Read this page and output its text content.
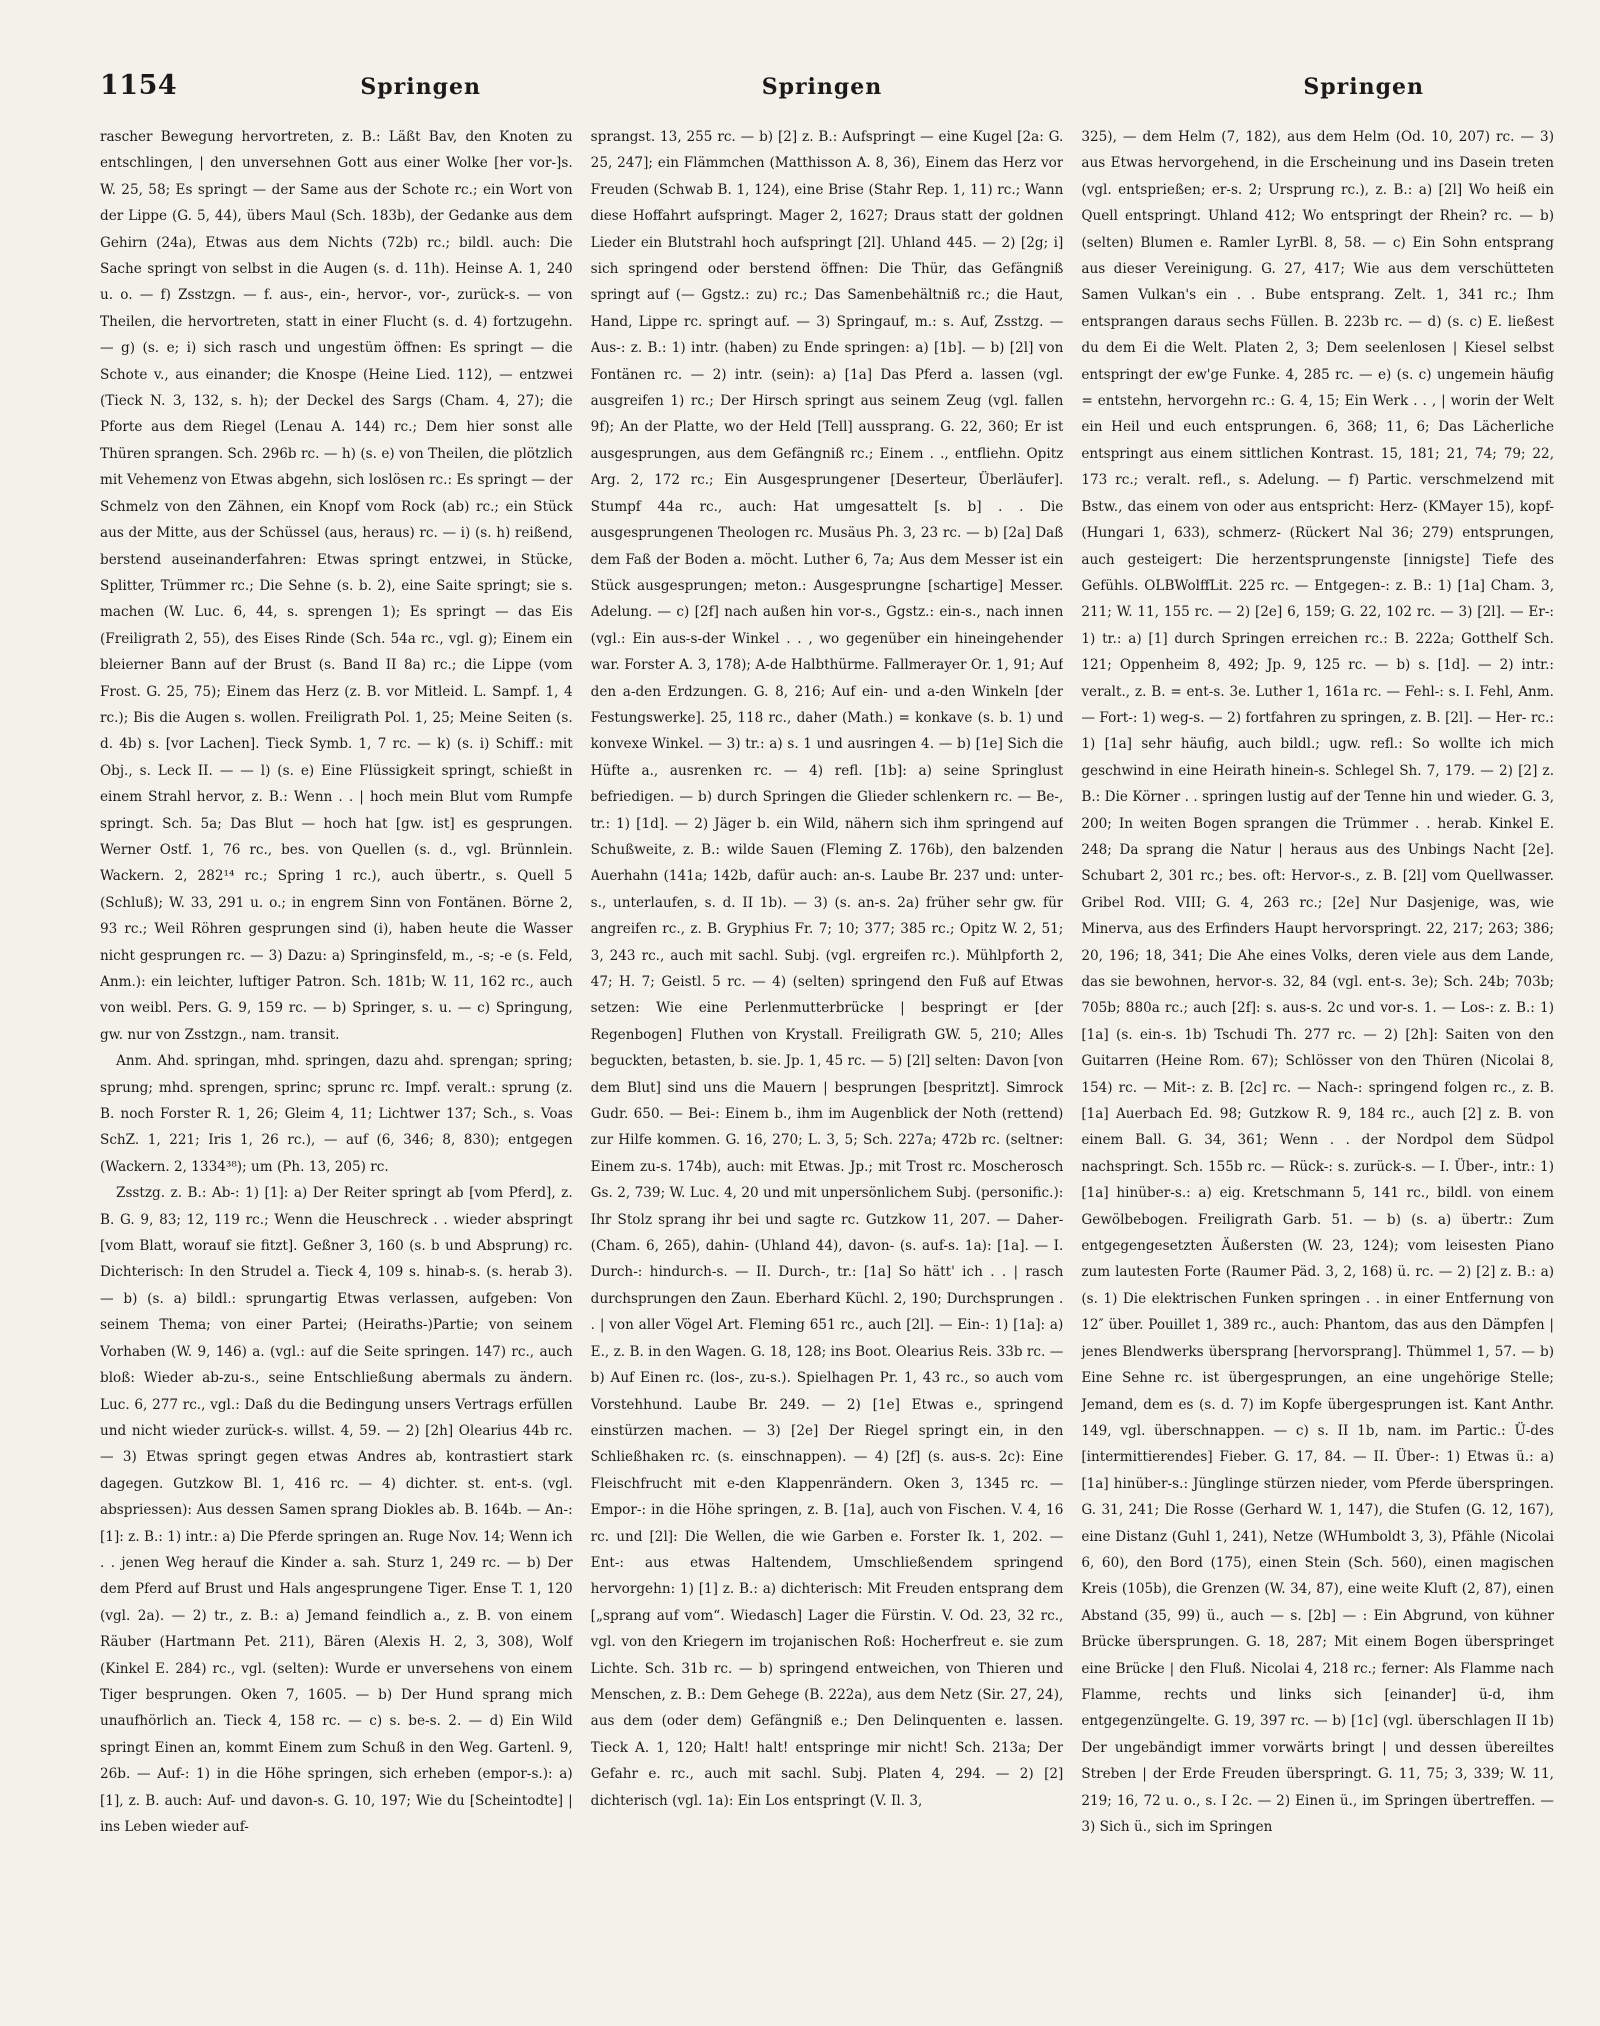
1154	Springen	Springen	Springen

rascher Bewegung hervortreten, z. B.: Läßt Bav, den Knoten zu entschlingen, | den unversehnen Gott aus einer Wolke [her vor-]s. W. 25, 58; Es springt — der Same aus der Schote rc.; ein Wort von der Lippe (G. 5, 44), übers Maul (Sch. 183b), der Gedanke aus dem Gehirn (24a), Etwas aus dem Nichts (72b) rc.; bildl. auch: Die Sache springt von selbst in die Augen (s. d. 11h). Heinse A. 1, 240 u. o. — f) Zsstzgn. — f. aus-, ein-, hervor-, vor-, zurück-s. — von Theilen, die hervortreten, statt in einer Flucht (s. d. 4) fortzugehn. — g) (s. e; i) sich rasch und ungestüm öffnen: Es springt — die Schote v., aus einander; die Knospe (Heine Lied. 112), — entzwei (Tieck N. 3, 132, s. h); der Deckel des Sargs (Cham. 4, 27); die Pforte aus dem Riegel (Lenau A. 144) rc.; Dem hier sonst alle Thüren sprangen. Sch. 296b rc. — h) (s. e) von Theilen, die plötzlich mit Vehemenz von Etwas abgehn, sich loslösen rc.: Es springt — der Schmelz von den Zähnen, ein Knopf vom Rock (ab) rc.; ein Stück aus der Mitte, aus der Schüssel (aus, heraus) rc. — i) (s. h) reißend, berstend auseinanderfahren: Etwas springt entzwei, in Stücke, Splitter, Trümmer rc.; Die Sehne (s. b. 2), eine Saite springt; sie s. machen (W. Luc. 6, 44, s. sprengen 1); Es springt — das Eis (Freiligrath 2, 55), des Eises Rinde (Sch. 54a rc., vgl. g); Einem ein bleierner Bann auf der Brust (s. Band II 8a) rc.; die Lippe (vom Frost. G. 25, 75); Einem das Herz (z. B. vor Mitleid. L. Sampf. 1, 4 rc.); Bis die Augen s. wollen. Freiligrath Pol. 1, 25; Meine Seiten (s. d. 4b) s. [vor Lachen]. Tieck Symb. 1, 7 rc. — k) (s. i) Schiff.: mit Obj., s. Leck II. — — l) (s. e) Eine Flüssigkeit springt, schießt in einem Strahl hervor, z. B.: Wenn . . | hoch mein Blut vom Rumpfe springt. Sch. 5a; Das Blut — hoch hat [gw. ist] es gesprungen. Werner Ostf. 1, 76 rc., bes. von Quellen (s. d., vgl. Brünnlein. Wackern. 2, 282¹⁴ rc.; Spring 1 rc.), auch übertr., s. Quell 5 (Schluß); W. 33, 291 u. o.; in engrem Sinn von Fontänen. Börne 2, 93 rc.; Weil Röhren gesprungen sind (i), haben heute die Wasser nicht gesprungen rc. — 3) Dazu: a) Springinsfeld, m., -s; -e (s. Feld, Anm.): ein leichter, luftiger Patron. Sch. 181b; W. 11, 162 rc., auch von weibl. Pers. G. 9, 159 rc. — b) Springer, s. u. — c) Springung, gw. nur von Zsstzgn., nam. transit.

Anm. Ahd. springan, mhd. springen, dazu ahd. sprengan; spring; sprung; mhd. sprengen, sprinc; sprunc rc. Impf. veralt.: sprung (z. B. noch Forster R. 1, 26; Gleim 4, 11; Lichtwer 137; Sch., s. Voas SchZ. 1, 221; Iris 1, 26 rc.), — auf (6, 346; 8, 830); entgegen (Wackern. 2, 1334³⁸); um (Ph. 13, 205) rc.

Zsstzg. z. B.: Ab-: 1) [1]: a) Der Reiter springt ab [vom Pferd], z. B. G. 9, 83; 12, 119 rc.; Wenn die Heuschreck . . wieder abspringt [vom Blatt, worauf sie fitzt]. Geßner 3, 160 (s. b und Absprung) rc. Dichterisch: In den Strudel a. Tieck 4, 109 s. hinab-s. (s. herab 3). — b) (s. a) bildl.: sprungartig Etwas verlassen, aufgeben: Von seinem Thema; von einer Partei; (Heiraths-)Partie; von seinem Vorhaben (W. 9, 146) a. (vgl.: auf die Seite springen. 147) rc., auch bloß: Wieder ab-zu-s., seine Entschließung abermals zu ändern. Luc. 6, 277 rc., vgl.: Daß du die Bedingung unsers Vertrags erfüllen und nicht wieder zurück-s. willst. 4, 59. — 2) [2h] Olearius 44b rc. — 3) Etwas springt gegen etwas Andres ab, kontrastiert stark dagegen. Gutzkow Bl. 1, 416 rc. — 4) dichter. st. ent-s. (vgl. abspriessen): Aus dessen Samen sprang Diokles ab. B. 164b. — An-: [1]: z. B.: 1) intr.: a) Die Pferde springen an. Ruge Nov. 14; Wenn ich . . jenen Weg herauf die Kinder a. sah. Sturz 1, 249 rc. — b) Der dem Pferd auf Brust und Hals angesprungene Tiger. Ense T. 1, 120 (vgl. 2a). — 2) tr., z. B.: a) Jemand feindlich a., z. B. von einem Räuber (Hartmann Pet. 211), Bären (Alexis H. 2, 3, 308), Wolf (Kinkel E. 284) rc., vgl. (selten): Wurde er unversehens von einem Tiger besprungen. Oken 7, 1605. — b) Der Hund sprang mich unaufhörlich an. Tieck 4, 158 rc. — c) s. be-s. 2. — d) Ein Wild springt Einen an, kommt Einem zum Schuß in den Weg. Gartenl. 9, 26b. — Auf-: 1) in die Höhe springen, sich erheben (empor-s.): a) [1], z. B. auch: Auf- und davon-s. G. 10, 197; Wie du [Scheintodte] | ins Leben wieder auf-

sprangst. 13, 255 rc. — b) [2] z. B.: Aufspringt — eine Kugel [2a: G. 25, 247]; ein Flämmchen (Matthisson A. 8, 36), Einem das Herz vor Freuden (Schwab B. 1, 124), eine Brise (Stahr Rep. 1, 11) rc.; Wann diese Hoffahrt aufspringt. Mager 2, 1627; Draus statt der goldnen Lieder ein Blutstrahl hoch aufspringt [2l]. Uhland 445. — 2) [2g; i] sich springend oder berstend öffnen: Die Thür, das Gefängniß springt auf (— Ggstz.: zu) rc.; Das Samenbehältniß rc.; die Haut, Hand, Lippe rc. springt auf. — 3) Springauf, m.: s. Auf, Zsstzg. — Aus-: z. B.: 1) intr. (haben) zu Ende springen: a) [1b]. — b) [2l] von Fontänen rc. — 2) intr. (sein): a) [1a] Das Pferd a. lassen (vgl. ausgreifen 1) rc.; Der Hirsch springt aus seinem Zeug (vgl. fallen 9f); An der Platte, wo der Held [Tell] aussprang. G. 22, 360; Er ist ausgesprungen, aus dem Gefängniß rc.; Einem . ., entfliehn. Opitz Arg. 2, 172 rc.; Ein Ausgesprungener [Deserteur, Überläufer]. Stumpf 44a rc., auch: Hat umgesattelt [s. b] . . Die ausgesprungenen Theologen rc. Musäus Ph. 3, 23 rc. — b) [2a] Daß dem Faß der Boden a. möcht. Luther 6, 7a; Aus dem Messer ist ein Stück ausgesprungen; meton.: Ausgesprungne [schartige] Messer. Adelung. — c) [2f] nach außen hin vor-s., Ggstz.: ein-s., nach innen (vgl.: Ein aus-s-der Winkel . . , wo gegenüber ein hineingehender war. Forster A. 3, 178); A-de Halbthürme. Fallmerayer Or. 1, 91; Auf den a-den Erdzungen. G. 8, 216; Auf ein- und a-den Winkeln [der Festungswerke]. 25, 118 rc., daher (Math.) = konkave (s. b. 1) und konvexe Winkel. — 3) tr.: a) s. 1 und ausringen 4. — b) [1e] Sich die Hüfte a., ausrenken rc. — 4) refl. [1b]: a) seine Springlust befriedigen. — b) durch Springen die Glieder schlenkern rc. — Be-, tr.: 1) [1d]. — 2) Jäger b. ein Wild, nähern sich ihm springend auf Schußweite, z. B.: wilde Sauen (Fleming Z. 176b), den balzenden Auerhahn (141a; 142b, dafür auch: an-s. Laube Br. 237 und: unter-s., unterlaufen, s. d. II 1b). — 3) (s. an-s. 2a) früher sehr gw. für angreifen rc., z. B. Gryphius Fr. 7; 10; 377; 385 rc.; Opitz W. 2, 51; 3, 243 rc., auch mit sachl. Subj. (vgl. ergreifen rc.). Mühlpforth 2, 47; H. 7; Geistl. 5 rc. — 4) (selten) springend den Fuß auf Etwas setzen: Wie eine Perlenmutterbrücke | bespringt er [der Regenbogen] Fluthen von Krystall. Freiligrath GW. 5, 210; Alles beguckten, betasten, b. sie. Jp. 1, 45 rc. — 5) [2l] selten: Davon [von dem Blut] sind uns die Mauern | besprungen [bespritzt]. Simrock Gudr. 650. — Bei-: Einem b., ihm im Augenblick der Noth (rettend) zur Hilfe kommen. G. 16, 270; L. 3, 5; Sch. 227a; 472b rc. (seltner: Einem zu-s. 174b), auch: mit Etwas. Jp.; mit Trost rc. Moscherosch Gs. 2, 739; W. Luc. 4, 20 und mit unpersönlichem Subj. (personific.): Ihr Stolz sprang ihr bei und sagte rc. Gutzkow 11, 207. — Daher- (Cham. 6, 265), dahin- (Uhland 44), davon- (s. auf-s. 1a): [1a]. — I. Durch-: hindurch-s. — II. Durch-, tr.: [1a] So hätt' ich . . | rasch durchsprungen den Zaun. Eberhard Küchl. 2, 190; Durchsprungen . . | von aller Vögel Art. Fleming 651 rc., auch [2l]. — Ein-: 1) [1a]: a) E., z. B. in den Wagen. G. 18, 128; ins Boot. Olearius Reis. 33b rc. — b) Auf Einen rc. (los-, zu-s.). Spielhagen Pr. 1, 43 rc., so auch vom Vorstehhund. Laube Br. 249. — 2) [1e] Etwas e., springend einstürzen machen. — 3) [2e] Der Riegel springt ein, in den Schließhaken rc. (s. einschnappen). — 4) [2f] (s. aus-s. 2c): Eine Fleischfrucht mit e-den Klappenrändern. Oken 3, 1345 rc. — Empor-: in die Höhe springen, z. B. [1a], auch von Fischen. V. 4, 16 rc. und [2l]: Die Wellen, die wie Garben e. Forster Ik. 1, 202. — Ent-: aus etwas Haltendem, Umschließendem springend hervorgehn: 1) [1] z. B.: a) dichterisch: Mit Freuden entsprang dem [„sprang auf vom“. Wiedasch] Lager die Fürstin. V. Od. 23, 32 rc., vgl. von den Kriegern im trojanischen Roß: Hocherfreut e. sie zum Lichte. Sch. 31b rc. — b) springend entweichen, von Thieren und Menschen, z. B.: Dem Gehege (B. 222a), aus dem Netz (Sir. 27, 24), aus dem (oder dem) Gefängniß e.; Den Delinquenten e. lassen. Tieck A. 1, 120; Halt! halt! entspringe mir nicht! Sch. 213a; Der Gefahr e. rc., auch mit sachl. Subj. Platen 4, 294. — 2) [2] dichterisch (vgl. 1a): Ein Los entspringt (V. Il. 3,

325), — dem Helm (7, 182), aus dem Helm (Od. 10, 207) rc. — 3) aus Etwas hervorgehend, in die Erscheinung und ins Dasein treten (vgl. entsprießen; er-s. 2; Ursprung rc.), z. B.: a) [2l] Wo heiß ein Quell entspringt. Uhland 412; Wo entspringt der Rhein? rc. — b) (selten) Blumen e. Ramler LyrBl. 8, 58. — c) Ein Sohn entsprang aus dieser Vereinigung. G. 27, 417; Wie aus dem verschütteten Samen Vulkan's ein . . Bube entsprang. Zelt. 1, 341 rc.; Ihm entsprangen daraus sechs Füllen. B. 223b rc. — d) (s. c) E. ließest du dem Ei die Welt. Platen 2, 3; Dem seelenlosen | Kiesel selbst entspringt der ew'ge Funke. 4, 285 rc. — e) (s. c) ungemein häufig = entstehn, hervorgehn rc.: G. 4, 15; Ein Werk . . , | worin der Welt ein Heil und euch entsprungen. 6, 368; 11, 6; Das Lächerliche entspringt aus einem sittlichen Kontrast. 15, 181; 21, 74; 79; 22, 173 rc.; veralt. refl., s. Adelung. — f) Partic. verschmelzend mit Bstw., das einem von oder aus entspricht: Herz- (KMayer 15), kopf- (Hungari 1, 633), schmerz- (Rückert Nal 36; 279) entsprungen, auch gesteigert: Die herzentsprungenste [innigste] Tiefe des Gefühls. OLBWolffLit. 225 rc. — Entgegen-: z. B.: 1) [1a] Cham. 3, 211; W. 11, 155 rc. — 2) [2e] 6, 159; G. 22, 102 rc. — 3) [2l]. — Er-: 1) tr.: a) [1] durch Springen erreichen rc.: B. 222a; Gotthelf Sch. 121; Oppenheim 8, 492; Jp. 9, 125 rc. — b) s. [1d]. — 2) intr.: veralt., z. B. = ent-s. 3e. Luther 1, 161a rc. — Fehl-: s. I. Fehl, Anm. — Fort-: 1) weg-s. — 2) fortfahren zu springen, z. B. [2l]. — Her- rc.: 1) [1a] sehr häufig, auch bildl.; ugw. refl.: So wollte ich mich geschwind in eine Heirath hinein-s. Schlegel Sh. 7, 179. — 2) [2] z. B.: Die Körner . . springen lustig auf der Tenne hin und wieder. G. 3, 200; In weiten Bogen sprangen die Trümmer . . herab. Kinkel E. 248; Da sprang die Natur | heraus aus des Unbings Nacht [2e]. Schubart 2, 301 rc.; bes. oft: Hervor-s., z. B. [2l] vom Quellwasser. Gribel Rod. VIII; G. 4, 263 rc.; [2e] Nur Dasjenige, was, wie Minerva, aus des Erfinders Haupt hervorspringt. 22, 217; 263; 386; 20, 196; 18, 341; Die Ahe eines Volks, deren viele aus dem Lande, das sie bewohnen, hervor-s. 32, 84 (vgl. ent-s. 3e); Sch. 24b; 703b; 705b; 880a rc.; auch [2f]: s. aus-s. 2c und vor-s. 1. — Los-: z. B.: 1) [1a] (s. ein-s. 1b) Tschudi Th. 277 rc. — 2) [2h]: Saiten von den Guitarren (Heine Rom. 67); Schlösser von den Thüren (Nicolai 8, 154) rc. — Mit-: z. B. [2c] rc. — Nach-: springend folgen rc., z. B. [1a] Auerbach Ed. 98; Gutzkow R. 9, 184 rc., auch [2] z. B. von einem Ball. G. 34, 361; Wenn . . der Nordpol dem Südpol nachspringt. Sch. 155b rc. — Rück-: s. zurück-s. — I. Über-, intr.: 1) [1a] hinüber-s.: a) eig. Kretschmann 5, 141 rc., bildl. von einem Gewölbebogen. Freiligrath Garb. 51. — b) (s. a) übertr.: Zum entgegengesetzten Äußersten (W. 23, 124); vom leisesten Piano zum lautesten Forte (Raumer Päd. 3, 2, 168) ü. rc. — 2) [2] z. B.: a) (s. 1) Die elektrischen Funken springen . . in einer Entfernung von 12″ über. Pouillet 1, 389 rc., auch: Phantom, das aus den Dämpfen | jenes Blendwerks übersprang [hervorsprang]. Thümmel 1, 57. — b) Eine Sehne rc. ist übergesprungen, an eine ungehörige Stelle; Jemand, dem es (s. d. 7) im Kopfe übergesprungen ist. Kant Anthr. 149, vgl. überschnappen. — c) s. II 1b, nam. im Partic.: Ü-des [intermittierendes] Fieber. G. 17, 84. — II. Über-: 1) Etwas ü.: a) [1a] hinüber-s.: Jünglinge stürzen nieder, vom Pferde überspringen. G. 31, 241; Die Rosse (Gerhard W. 1, 147), die Stufen (G. 12, 167), eine Distanz (Guhl 1, 241), Netze (WHumboldt 3, 3), Pfähle (Nicolai 6, 60), den Bord (175), einen Stein (Sch. 560), einen magischen Kreis (105b), die Grenzen (W. 34, 87), eine weite Kluft (2, 87), einen Abstand (35, 99) ü., auch — s. [2b] — : Ein Abgrund, von kühner Brücke übersprungen. G. 18, 287; Mit einem Bogen überspringet eine Brücke | den Fluß. Nicolai 4, 218 rc.; ferner: Als Flamme nach Flamme, rechts und links sich [einander] ü-d, ihm entgegenzüngelte. G. 19, 397 rc. — b) [1c] (vgl. überschlagen II 1b) Der ungebändigt immer vorwärts bringt | und dessen übereiltes Streben | der Erde Freuden überspringt. G. 11, 75; 3, 339; W. 11, 219; 16, 72 u. o., s. I 2c. — 2) Einen ü., im Springen übertreffen. — 3) Sich ü., sich im Springen
